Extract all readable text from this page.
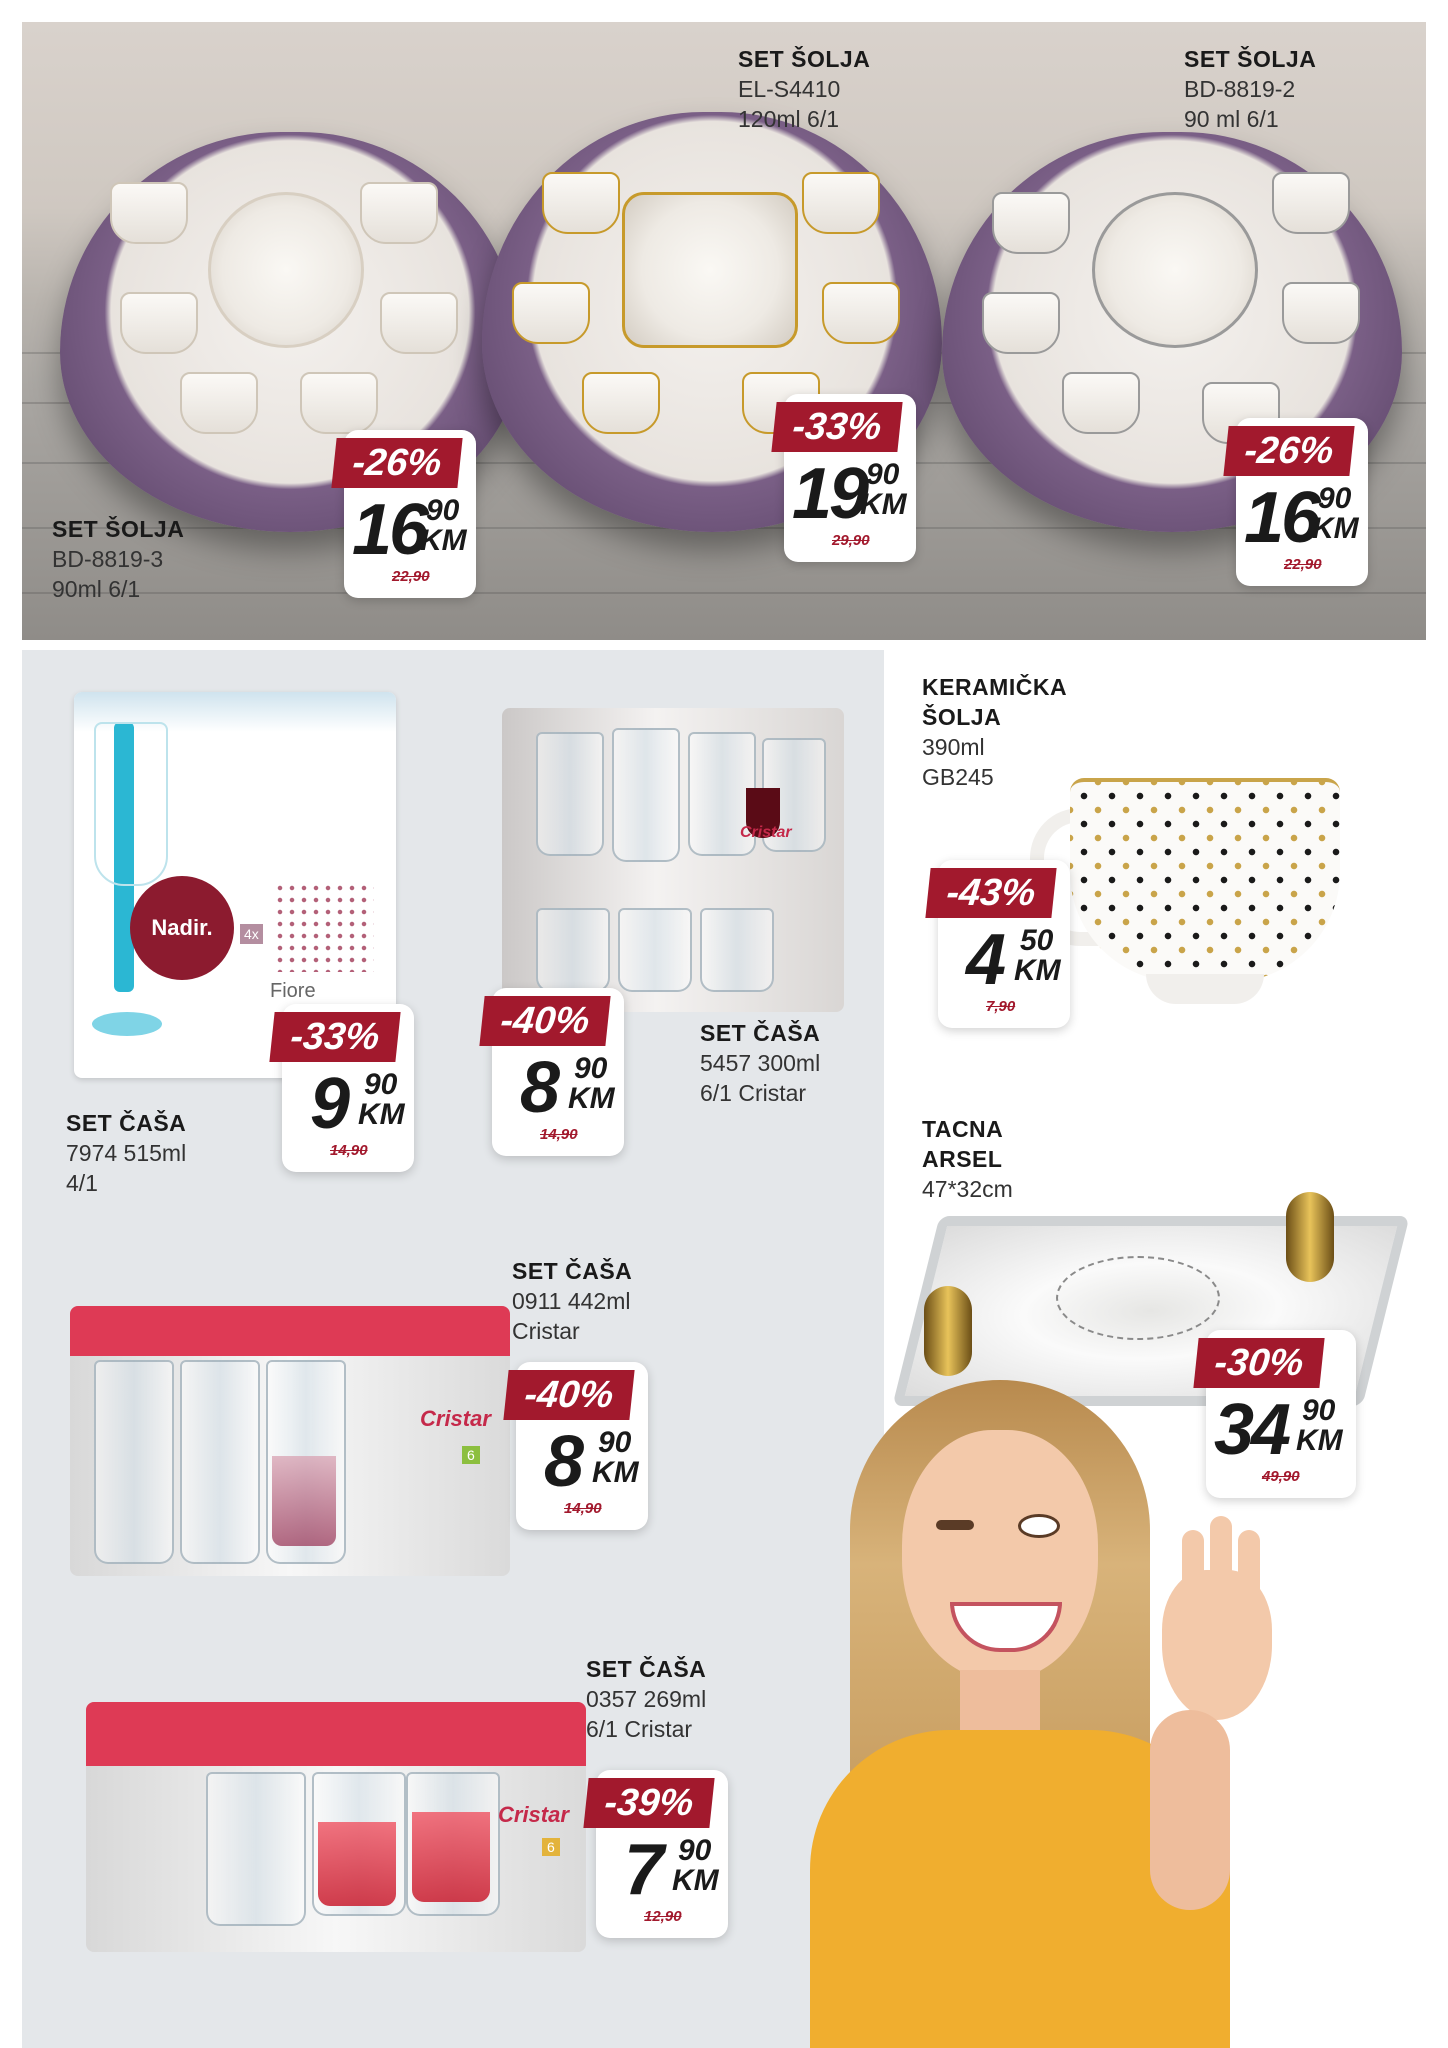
SET ŠOLJA
BD-8819-3
90ml 6/1
-26%
16 90
KM
22,90
SET ŠOLJA
EL-S4410
120ml 6/1
-33%
19 90
KM
29,90
SET ŠOLJA
BD-8819-2
90 ml 6/1
-26%
16 90
KM
22,90
Nadir.	4x
Fiore
-33%
9 90
KM
14,90
SET ČAŠA
7974 515ml
4/1
Cristar
-40%
8 90
KM
14,90
SET ČAŠA
5457 300ml
6/1 Cristar
KERAMIČKA
ŠOLJA
390ml
GB245
-43%
4 50
KM
7,90
TACNA
ARSEL
47*32cm
-30%
34 90
KM
49,90
SET ČAŠA
0911 442ml
Cristar
Cristar
6
-40%
8 90
KM
14,90
SET ČAŠA
0357 269ml
6/1 Cristar
Cristar
6
-39%
7 90
KM
12,90
